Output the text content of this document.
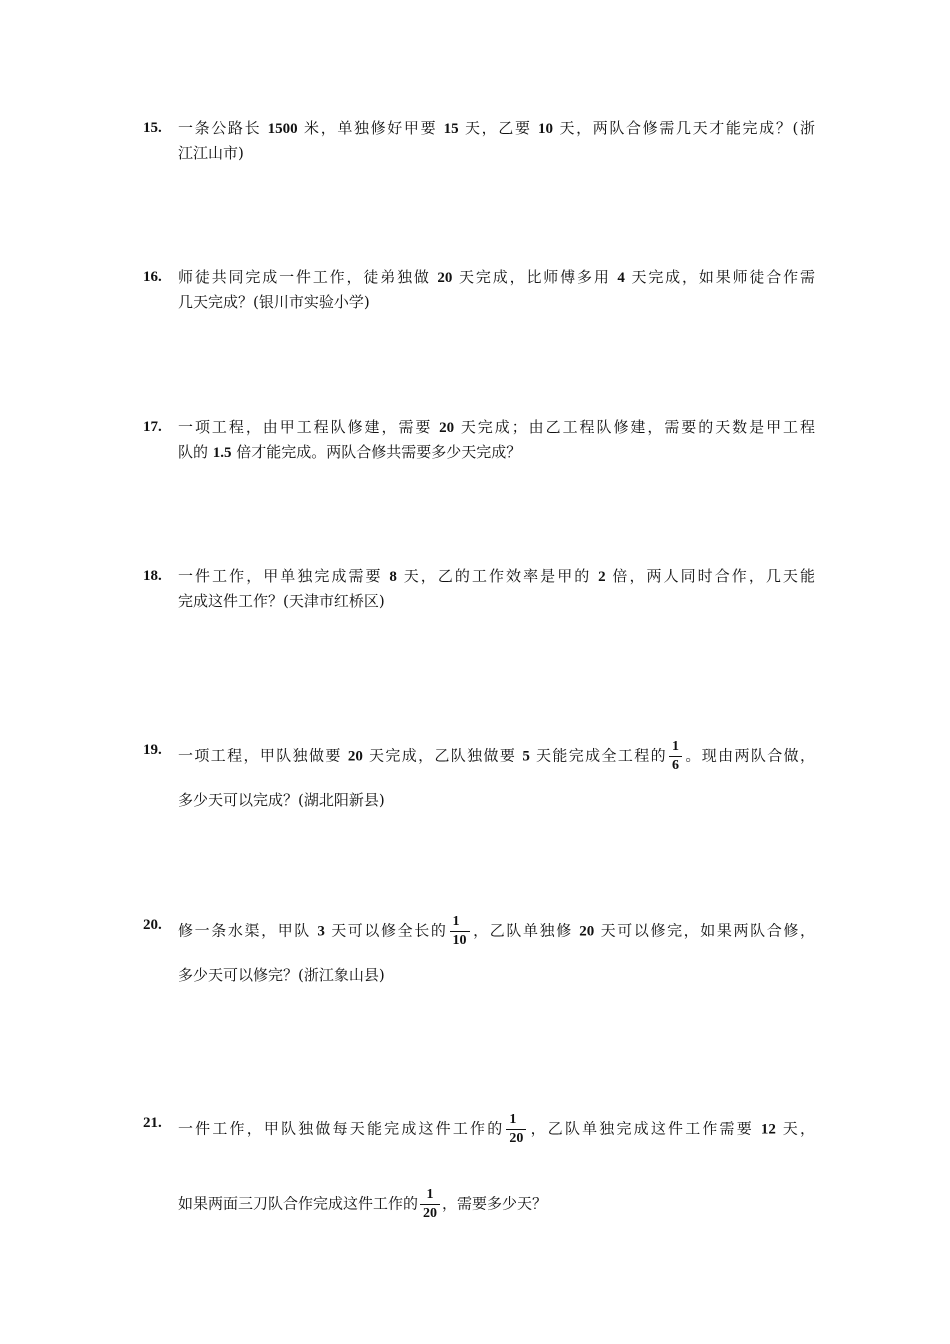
15.	一条公路长 1500 米，单独修好甲要 15 天，乙要 10 天，两队合修需几天才能完成？(浙
江江山市)
16.	师徒共同完成一件工作，徒弟独做 20 天完成，比师傅多用 4 天完成，如果师徒合作需
几天完成？(银川市实验小学)
17.	一项工程，由甲工程队修建，需要 20 天完成；由乙工程队修建，需要的天数是甲工程
队的 1.5 倍才能完成。两队合修共需要多少天完成？
18.	一件工作，甲单独完成需要 8 天，乙的工作效率是甲的 2 倍，两人同时合作，几天能
完成这件工作？(天津市红桥区)
19.	一项工程，甲队独做要 20 天完成，乙队独做要 5 天能完成全工程的 $\frac{1}{6}$ 。现由两队合做，
多少天可以完成？(湖北阳新县)
20.	修一条水渠，甲队 3 天可以修全长的 $\frac{1}{10}$ ，乙队单独修 20 天可以修完，如果两队合修，
多少天可以修完？(浙江象山县)
21.	一件工作，甲队独做每天能完成这件工作的 $\frac{1}{20}$ ，乙队单独完成这件工作需要 12 天，
如果两面三刀队合作完成这件工作的 $\frac{1}{20}$ ，需要多少天？
